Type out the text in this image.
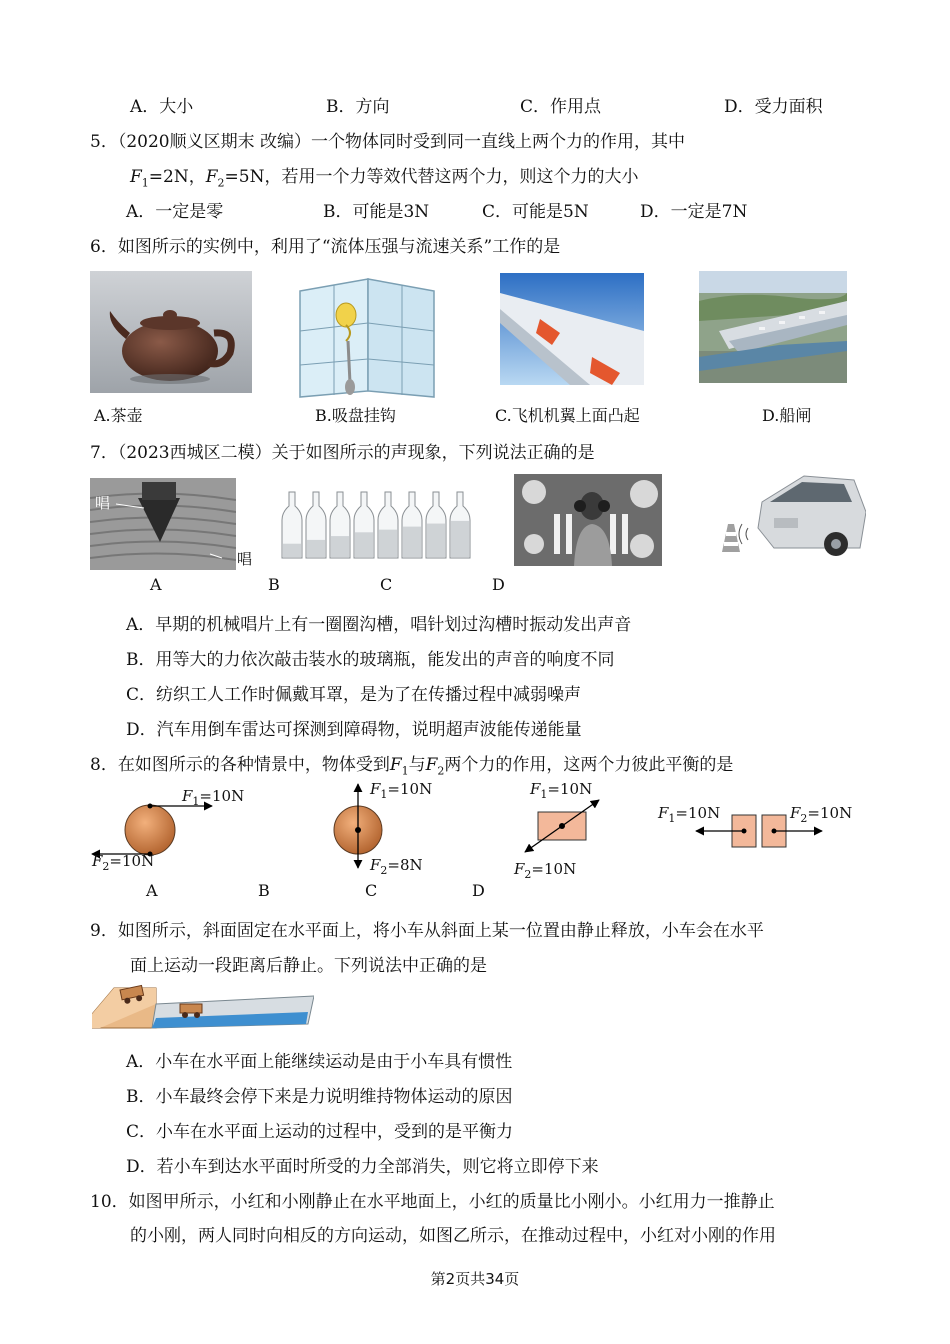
A．大小	B．方向	C．作用点	D．受力面积
5．（2020顺义区期末 改编）一个物体同时受到同一直线上两个力的作用，其中
$F_1=2N$，$F_2=5N$，若用一个力等效代替这两个力，则这个力的大小
A．一定是零	B．可能是3N	C．可能是5N	D．一定是7N
6．如图所示的实例中，利用了“流体压强与流速关系”工作的是
A.茶壶	B.吸盘挂钩	C.飞机机翼上面凸起	D.船闸
7．（2023西城区二模）关于如图所示的声现象，下列说法正确的是
唱
唱
A	B	C	D
A．早期的机械唱片上有一圈圈沟槽，唱针划过沟槽时振动发出声音
B．用等大的力依次敲击装水的玻璃瓶，能发出的声音的响度不同
C．纺织工人工作时佩戴耳罩，是为了在传播过程中减弱噪声
D．汽车用倒车雷达可探测到障碍物，说明超声波能传递能量
8．在如图所示的各种情景中，物体受到$F_1$与$F_2$两个力的作用，这两个力彼此平衡的是
$F_1=10N$
$F_2=10N$
$F_1=10N$
$F_2=8N$
$F_1=10N$
$F_2=10N$
$F_1=10N$	$F_2=10N$
A	B	C	D
9．如图所示，斜面固定在水平面上，将小车从斜面上某一位置由静止释放，小车会在水平
面上运动一段距离后静止。下列说法中正确的是
A．小车在水平面上能继续运动是由于小车具有惯性
B．小车最终会停下来是力说明维持物体运动的原因
C．小车在水平面上运动的过程中，受到的是平衡力
D．若小车到达水平面时所受的力全部消失，则它将立即停下来
10．如图甲所示，小红和小刚静止在水平地面上，小红的质量比小刚小。小红用力一推静止
的小刚，两人同时向相反的方向运动，如图乙所示，在推动过程中，小红对小刚的作用
第2页共34页
